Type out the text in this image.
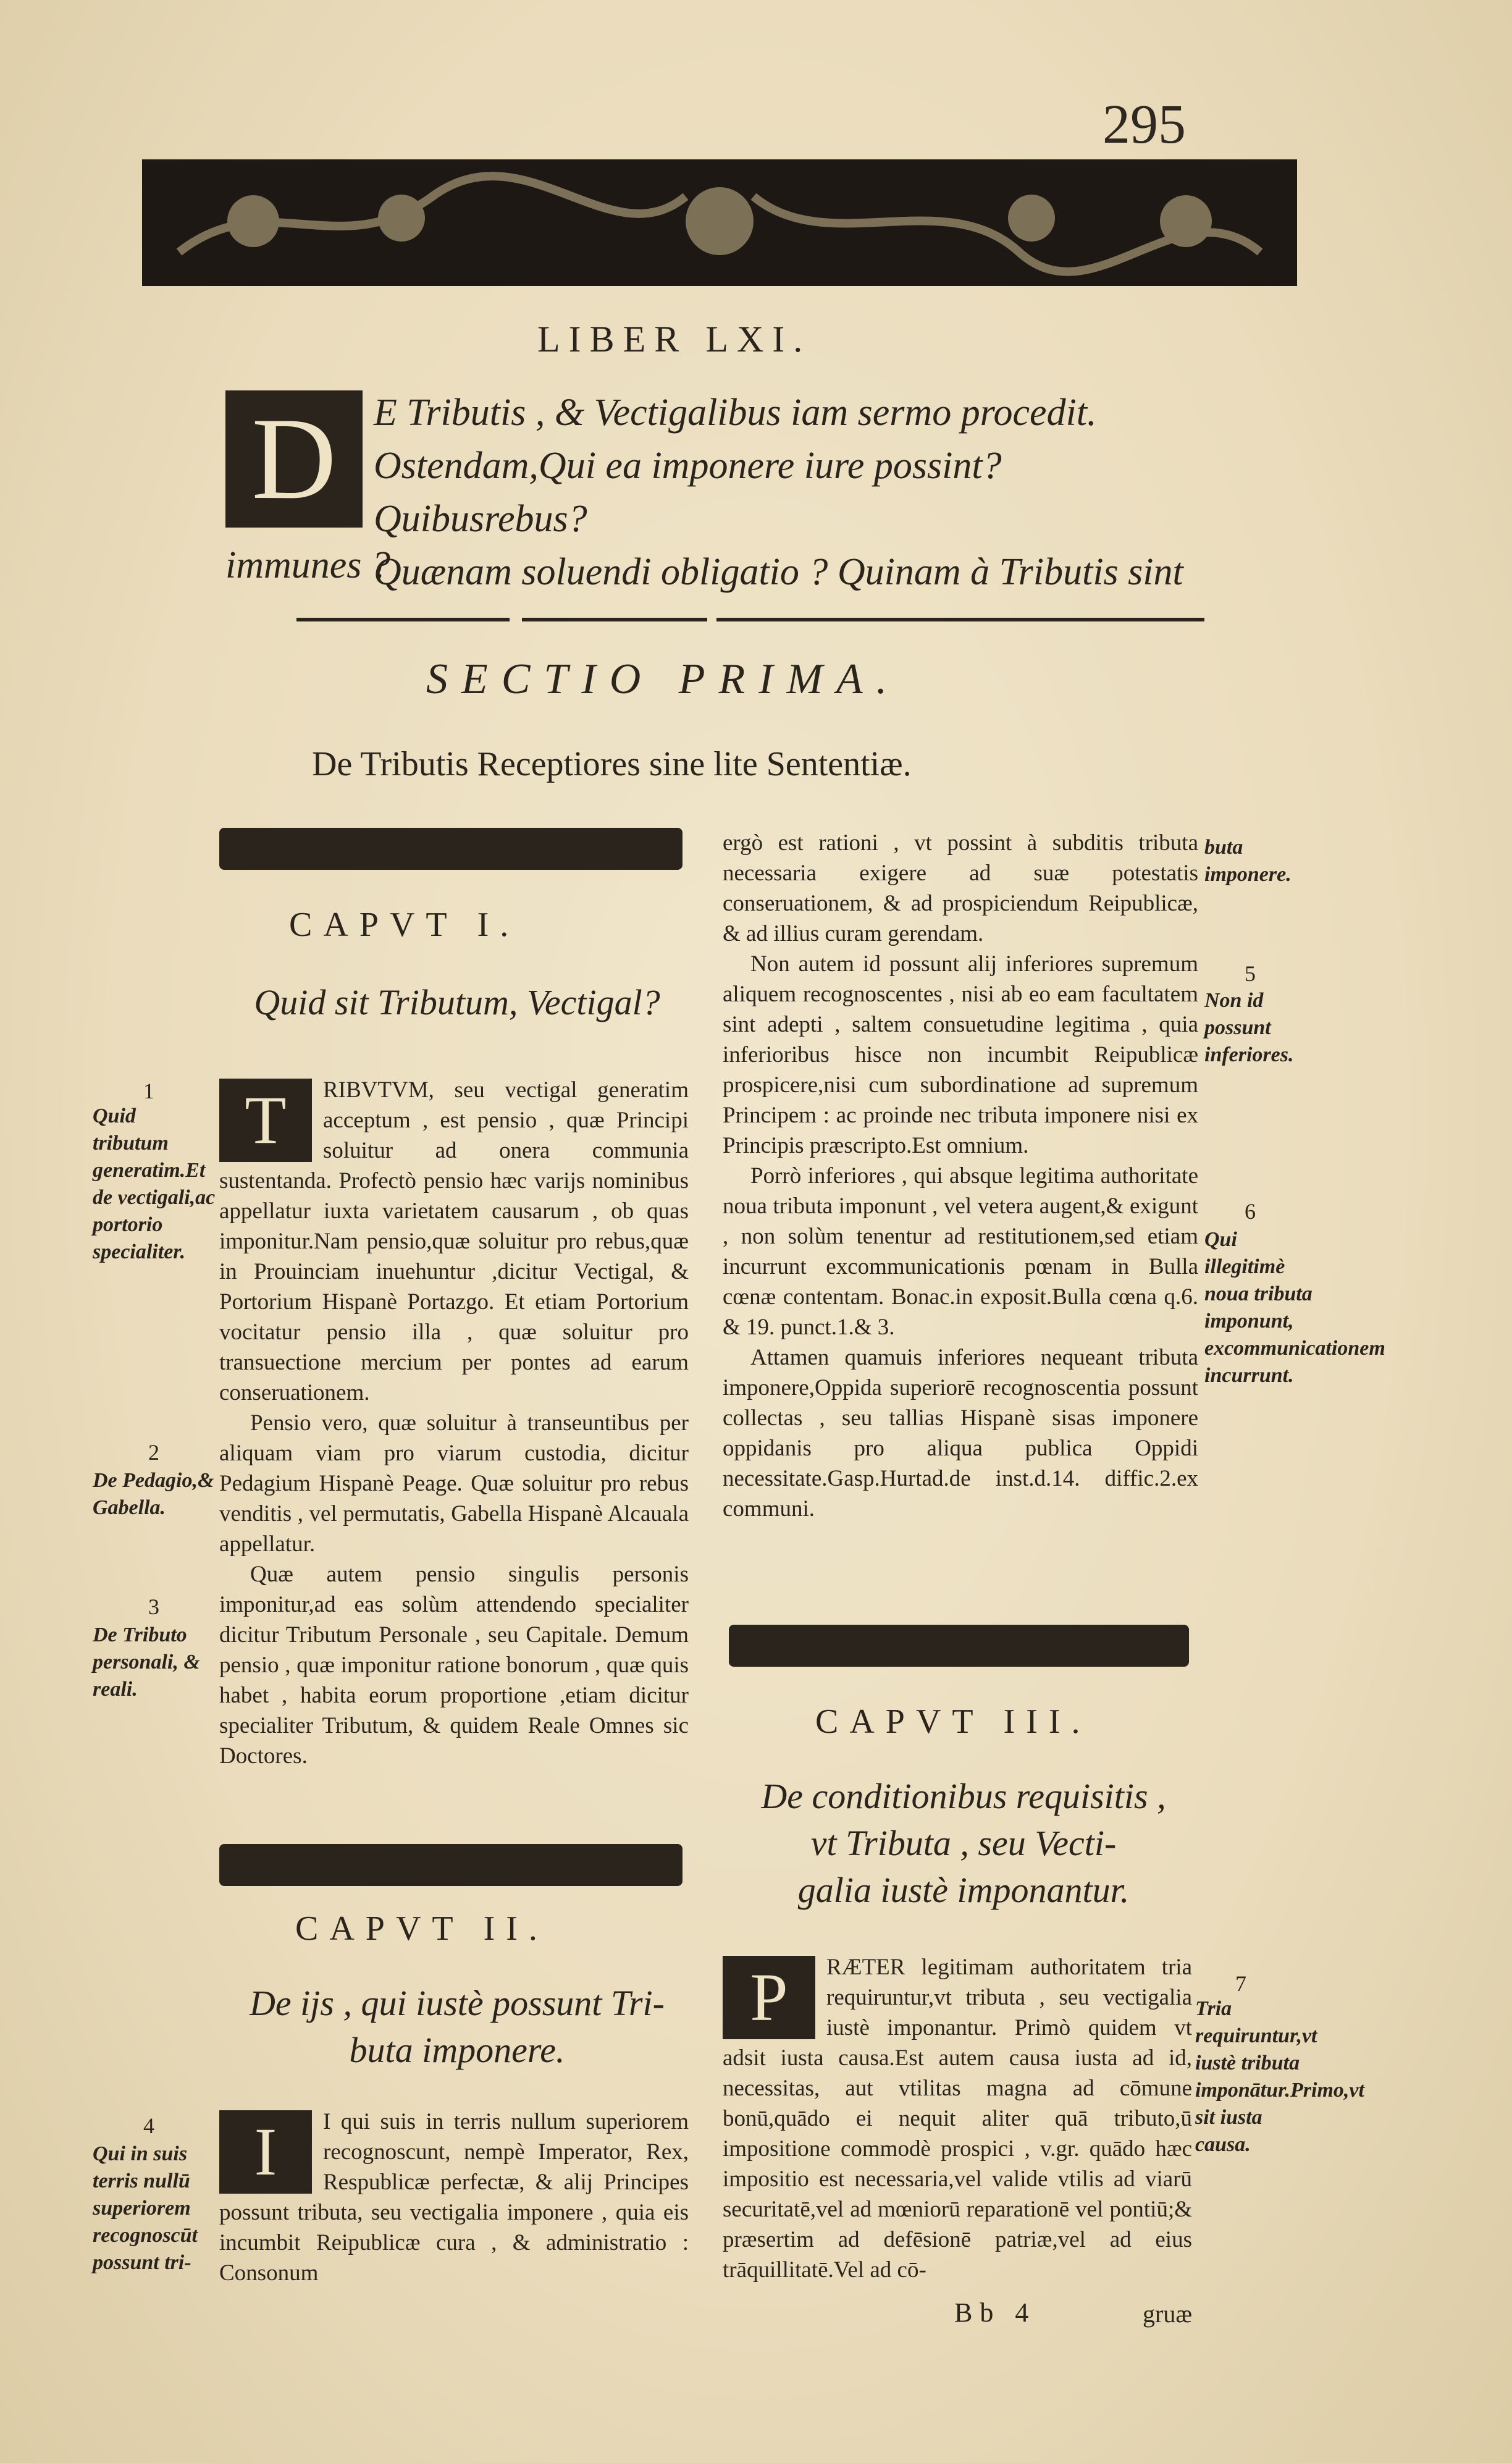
295
LIBER LXI.
D E Tributis , & Vectigalibus iam sermo procedit.
Ostendam,Qui ea imponere iure possint? Quibusrebus?
Quænam soluendi obligatio ? Quinam à Tributis sint
immunes ?
SECTIO PRIMA.
De Tributis Receptiores sine lite Sententiæ.
CAPVT I.
Quid sit Tributum, Vectigal?
1
Quid tributum generatim.Et de vectigali,ac portorio specialiter.
2
De Pedagio,& Gabella.
3
De Tributo personali, & reali.
T	RIBVTVM, seu vectigal generatim acceptum , est pensio , quæ Principi soluitur ad onera communia sustentanda. Profectò pensio hæc varijs nominibus appellatur iuxta varietatem causarum , ob quas imponitur.Nam pensio,quæ soluitur pro rebus,quæ in Prouinciam inuehuntur ,dicitur Vectigal, & Portorium Hispanè Portazgo. Et etiam Portorium vocitatur pensio illa , quæ soluitur pro transuectione mercium per pontes ad earum conseruationem.

Pensio vero, quæ soluitur à transeuntibus per aliquam viam pro viarum custodia, dicitur Pedagium Hispanè Peage. Quæ soluitur pro rebus venditis , vel permutatis, Gabella Hispanè Alcauala appellatur.

Quæ autem pensio singulis personis imponitur,ad eas solùm attendendo specialiter dicitur Tributum Personale , seu Capitale. Demum pensio , quæ imponitur ratione bonorum , quæ quis habet , habita eorum proportione ,etiam dicitur specialiter Tributum, & quidem Reale Omnes sic Doctores.

CAPVT II.
De ijs , qui iustè possunt Tri-
buta imponere.
4
Qui in suis terris nullū superiorem recognoscūt possunt tri-
I	I qui suis in terris nullum superiorem recognoscunt, nempè Imperator, Rex, Respublicæ perfectæ, & alij Principes possunt tributa, seu vectigalia imponere , quia eis incumbit Reipublicæ cura , & administratio : Consonum

ergò est rationi , vt possint à subditis tributa necessaria exigere ad suæ potestatis conseruationem, & ad prospiciendum Reipublicæ, & ad illius curam gerendam.

Non autem id possunt alij inferiores supremum aliquem recognoscentes , nisi ab eo eam facultatem sint adepti , saltem consuetudine legitima , quia inferioribus hisce non incumbit Reipublicæ prospicere,nisi cum subordinatione ad supremum Principem : ac proinde nec tributa imponere nisi ex Principis præscripto.Est omnium.

Porrò inferiores , qui absque legitima authoritate noua tributa imponunt , vel vetera augent,& exigunt , non solùm tenentur ad restitutionem,sed etiam incurrunt excommunicationis pœnam in Bulla cœnæ contentam. Bonac.in exposit.Bulla cœna q.6. & 19. punct.1.& 3.

Attamen quamuis inferiores nequeant tributa imponere,Oppida superiorē recognoscentia possunt collectas , seu tallias Hispanè sisas imponere oppidanis pro aliqua publica Oppidi necessitate.Gasp.Hurtad.de inst.d.14. diffic.2.ex communi.

buta imponere.
5
Non id possunt inferiores.
6
Qui illegitimè noua tributa imponunt, excommunicationem incurrunt.
CAPVT III.
De conditionibus requisitis ,
vt Tributa , seu Vecti-
galia iustè imponantur.
7
Tria requiruntur,vt iustè tributa imponātur.Primo,vt sit iusta causa.
P	RÆTER legitimam authoritatem tria requiruntur,vt tributa , seu vectigalia iustè imponantur. Primò quidem vt adsit iusta causa.Est autem causa iusta ad id, necessitas, aut vtilitas magna ad cōmune bonū,quādo ei nequit aliter quā tributo,ū impositione commodè prospici , v.gr. quādo hæc impositio est necessaria,vel valide vtilis ad viarū securitatē,vel ad mœniorū reparationē vel pontiū;& præsertim ad defēsionē patriæ,vel ad eius trāquillitatē.Vel ad cō-

Bb 4	gruæ
